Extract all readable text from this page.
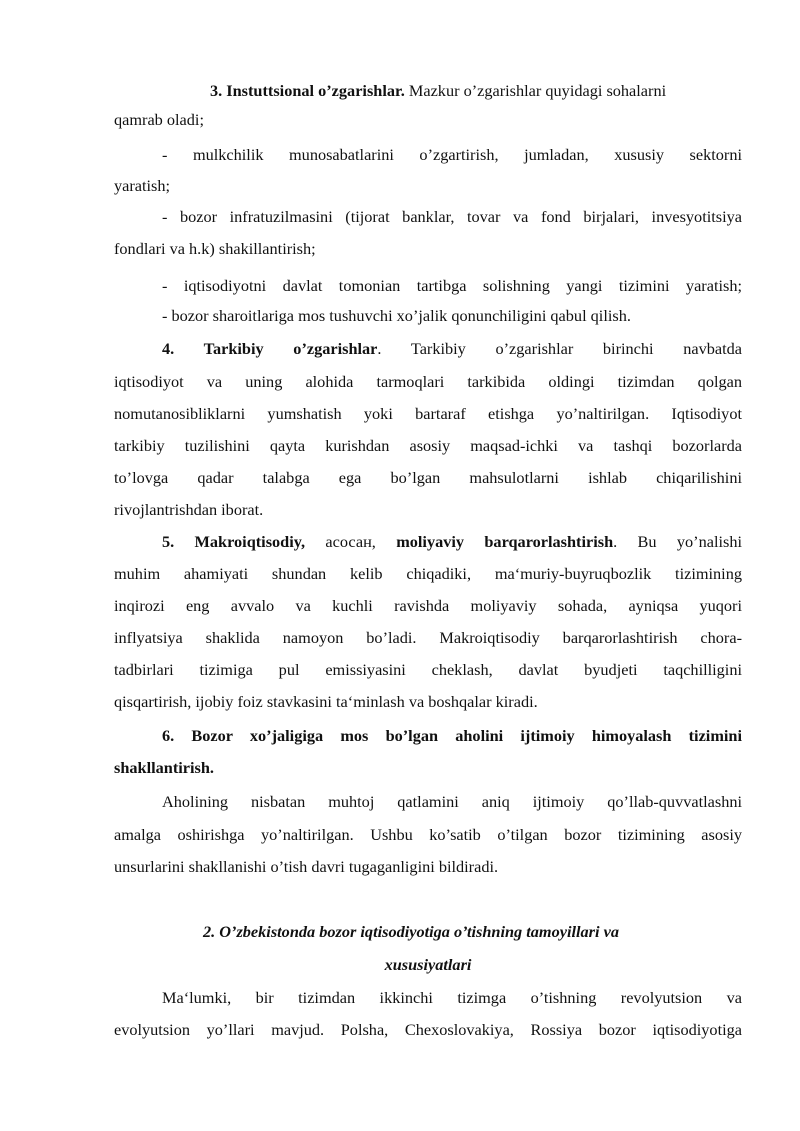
3. Instuttsional o’zgarishlar. Mazkur o’zgarishlar quyidagi sohalarni
qamrab oladi;
- mulkchilik munosabatlarini o’zgartirish, jumladan, xususiy sektorni
yaratish;
- bozor infratuzilmasini (tijorat banklar, tovar va fond birjalari, invesyotitsiya
fondlari va h.k) shakillantirish;
- iqtisodiyotni davlat tomonian tartibga solishning yangi tizimini yaratish;
- bozor sharoitlariga mos tushuvchi xo’jalik qonunchiligini qabul qilish.
4. Tarkibiy o’zgarishlar. Tarkibiy o’zgarishlar birinchi navbatda
iqtisodiyot va uning alohida tarmoqlari tarkibida oldingi tizimdan qolgan
nomutanosibliklarni yumshatish yoki bartaraf etishga yo’naltirilgan. Iqtisodiyot
tarkibiy tuzilishini qayta kurishdan asosiy maqsad-ichki va tashqi bozorlarda
to’lovga qadar talabga ega bo’lgan mahsulotlarni ishlab chiqarilishini
rivojlantrishdan iborat.
5. Makroiqtisodiy, асосан, moliyaviy barqarorlashtirish. Bu yo’nalishi
muhim ahamiyati shundan kelib chiqadiki, ma‘muriy-buyruqbozlik tizimining
inqirozi eng avvalo va kuchli ravishda moliyaviy sohada, ayniqsa yuqori
inflyatsiya shaklida namoyon bo’ladi. Makroiqtisodiy barqarorlashtirish chora-
tadbirlari tizimiga pul emissiyasini cheklash, davlat byudjeti taqchilligini
qisqartirish, ijobiy foiz stavkasini ta‘minlash va boshqalar kiradi.
6. Bozor xo’jaligiga mos bo’lgan aholini ijtimoiy himoyalash tizimini
shakllantirish.
Aholining nisbatan muhtoj qatlamini aniq ijtimoiy qo’llab-quvvatlashni
amalga oshirishga yo’naltirilgan. Ushbu ko’satib o’tilgan bozor tizimining asosiy
unsurlarini shakllanishi o’tish davri tugaganligini bildiradi.
2. O’zbekistonda bozor iqtisodiyotiga o’tishning tamoyillari va
xususiyatlari
Ma‘lumki, bir tizimdan ikkinchi tizimga o’tishning revolyutsion va
evolyutsion yo’llari mavjud. Polsha, Chexoslovakiya, Rossiya bozor iqtisodiyotiga
